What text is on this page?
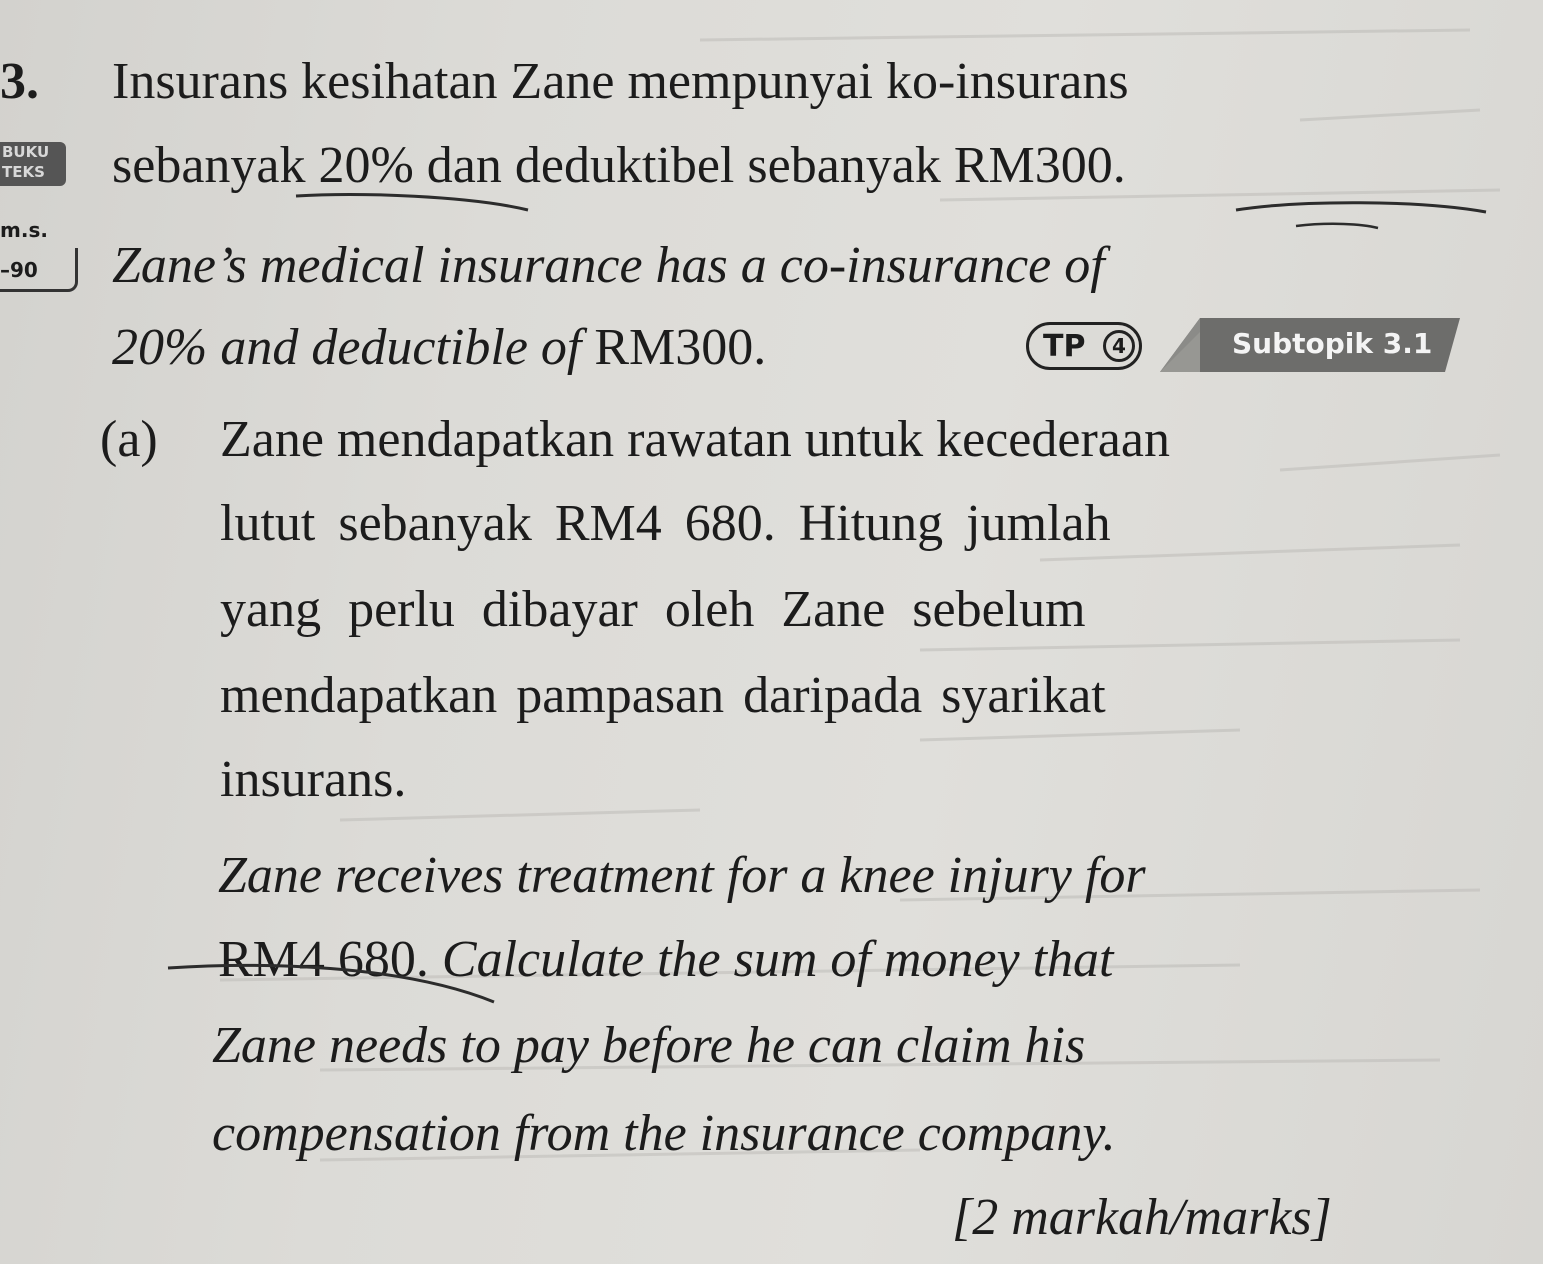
3.
BUKU TEKS
m.s.
–90
Insurans kesihatan Zane mempunyai ko-insurans
sebanyak 20% dan deduktibel sebanyak RM300.
Zane’s medical insurance has a co-insurance of
20% and deductible of RM300.	TP	4	Subtopik 3.1
(a) Zane mendapatkan rawatan untuk kecederaan
lutut sebanyak RM4 680. Hitung jumlah
yang perlu dibayar oleh Zane sebelum
mendapatkan pampasan daripada syarikat
insurans.
Zane receives treatment for a knee injury for
RM4 680. Calculate the sum of money that
Zane needs to pay before he can claim his
compensation from the insurance company.
[2 markah/marks]
